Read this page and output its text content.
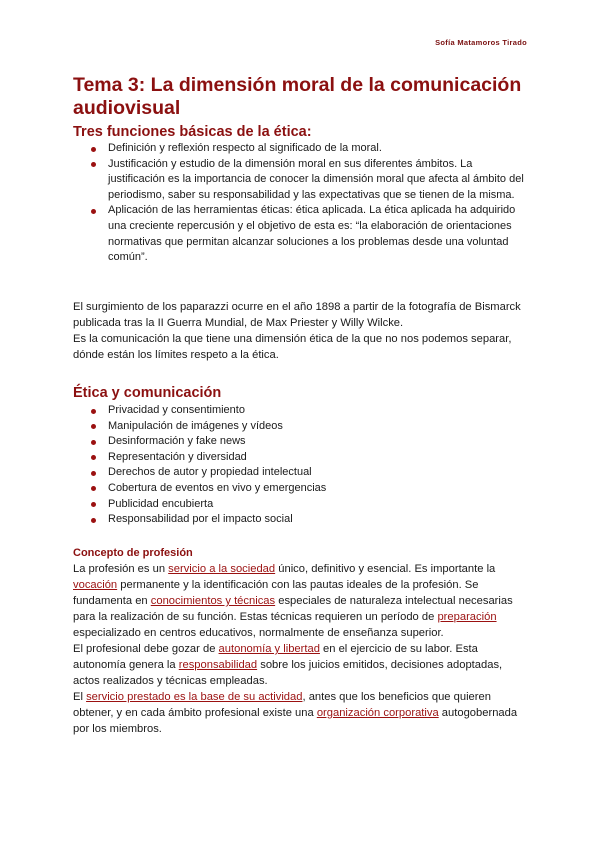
Sofía Matamoros Tirado
Tema 3: La dimensión moral de la comunicación audiovisual
Tres funciones básicas de la ética:
Definición y reflexión respecto al significado de la moral.
Justificación y estudio de la dimensión moral en sus diferentes ámbitos. La justificación es la importancia de conocer la dimensión moral que afecta al ámbito del periodismo, saber su responsabilidad y las expectativas que se tienen de la misma.
Aplicación de las herramientas éticas: ética aplicada. La ética aplicada ha adquirido una creciente repercusión y el objetivo de esta es: “la elaboración de orientaciones normativas que permitan alcanzar soluciones a los problemas desde una voluntad común”.
El surgimiento de los paparazzi ocurre en el año 1898 a partir de la fotografía de Bismarck publicada tras la II Guerra Mundial, de Max Priester y Willy Wilcke.
Es la comunicación la que tiene una dimensión ética de la que no nos podemos separar, dónde están los límites respeto a la ética.
Ética y comunicación
Privacidad y consentimiento
Manipulación de imágenes y vídeos
Desinformación y fake news
Representación y diversidad
Derechos de autor y propiedad intelectual
Cobertura de eventos en vivo y emergencias
Publicidad encubierta
Responsabilidad por el impacto social
Concepto de profesión
La profesión es un servicio a la sociedad único, definitivo y esencial. Es importante la vocación permanente y la identificación con las pautas ideales de la profesión. Se fundamenta en conocimientos y técnicas especiales de naturaleza intelectual necesarias para la realización de su función. Estas técnicas requieren un período de preparación especializado en centros educativos, normalmente de enseñanza superior.
El profesional debe gozar de autonomía y libertad en el ejercicio de su labor. Esta autonomía genera la responsabilidad sobre los juicios emitidos, decisiones adoptadas, actos realizados y técnicas empleadas.
El servicio prestado es la base de su actividad, antes que los beneficios que quieren obtener, y en cada ámbito profesional existe una organización corporativa autogobernada por los miembros.
